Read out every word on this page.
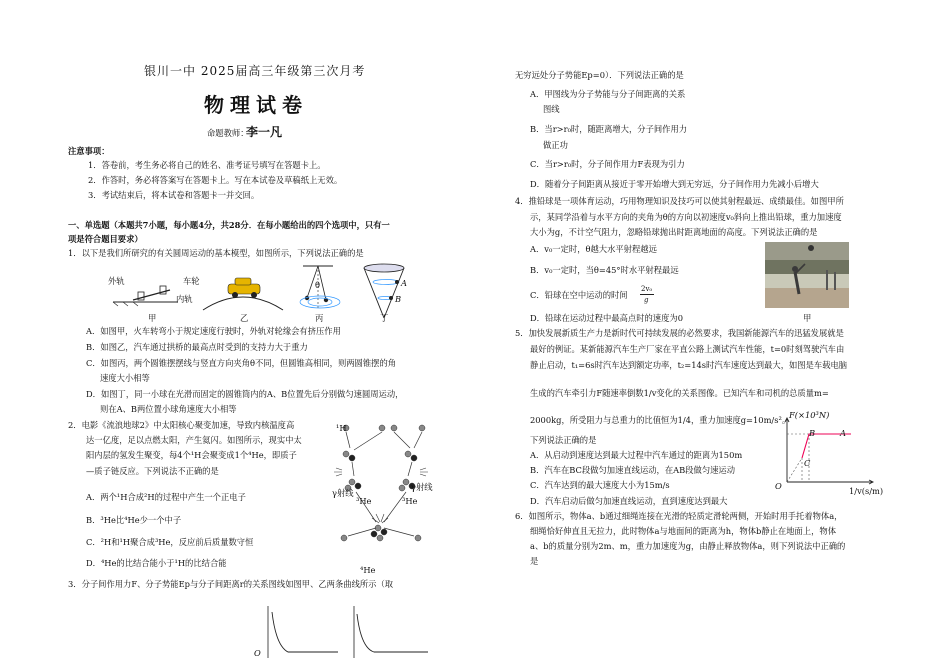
银川一中 2025届高三年级第三次月考
物理试卷
命题教师：
李一凡
注意事项：
1．答卷前，考生务必将自己的姓名、准考证号填写在答题卡上。
2．作答时，务必将答案写在答题卡上。写在本试卷及草稿纸上无效。
3．考试结束后，将本试卷和答题卡一并交回。
一、单选题（本题共7小题，每小题4分，共28分．在每小题给出的四个选项中，只有一
项是符合题目要求）
1．以下是我们所研究的有关圆周运动的基本模型，如图所示，下列说法正确的是
外轨	车轮
内轨
θ	A
B
甲	乙	丙	丁
A．如图甲，火车转弯小于规定速度行驶时，外轨对轮缘会有挤压作用
B．如图乙，汽车通过拱桥的最高点时受到的支持力大于重力
C．如图丙，两个圆锥摆摆线与竖直方向夹角θ不同，但圆锥高相同，则两圆锥摆的角
速度大小相等
D．如图丁，同一小球在光滑而固定的圆锥筒内的A、B位置先后分别做匀速圆周运动，
则在A、B两位置小球角速度大小相等
2．电影《流浪地球2》中太阳核心聚变加速，导致内核温度高
达一亿度，足以点燃太阳，产生氦闪。如图所示，现实中太
阳内层的氢发生聚变，每4个¹H会聚变成1个⁴He，即质子
—质子链反应。下列说法不正确的是
¹H
γ射线
γ射线
³He	³He
⁴He
A．两个¹H合成²H的过程中产生一个正电子
B．³He比⁴He少一个中子
C．²H和¹H聚合成³He，反应前后质量数守恒
D．⁴He的比结合能小于¹H的比结合能
3．分子间作用力F、分子势能Ep与分子间距离r的关系图线如图甲、乙两条曲线所示（取
O
无穷远处分子势能Ep=0）．下列说法正确的是
A．甲图线为分子势能与分子间距离的关系
图线
B．当r>r₀时，随距离增大，分子间作用力
做正功
C．当r>r₀时，分子间作用力F表现为引力
D．随着分子间距离从接近于零开始增大到无穷远，分子间作用力先减小后增大
4．推铅球是一项体育运动，巧用物理知识及技巧可以使其射程最远、成绩最佳。如图甲所
示，某同学沿着与水平方向的夹角为θ的方向以初速度v₀斜向上推出铅球，重力加速度
大小为g，不计空气阻力，忽略铅球抛出时距离地面的高度。下列说法正确的是
A．v₀一定时，θ越大水平射程越远
B．v₀一定时，当θ=45°时水平射程最远
C．铅球在空中运动的时间
2v₀
g
D．铅球在运动过程中最高点时的速度为0	甲
5．加快发展新质生产力是新时代可持续发展的必然要求，我国新能源汽车的迅猛发展就是
最好的例证。某新能源汽车生产厂家在平直公路上测试汽车性能，t=0时刻驾驶汽车由
静止启动，t₁=6s时汽车达到额定功率，t₂=14s时汽车速度达到最大，如图是车载电脑
生成的汽车牵引力F随速率倒数1/v变化的关系图像。已知汽车和司机的总质量m=
2000kg，所受阻力与总重力的比值恒为1/4，重力加速度g=10m/s²。
下列说法正确的是
A．从启动到速度达到最大过程中汽车通过的距离为150m
B．汽车在BC段做匀加速直线运动，在AB段做匀速运动
C．汽车达到的最大速度大小为15m/s
D．汽车启动后做匀加速直线运动，直到速度达到最大
F(×10³N)
B	A
C
O	1/v(s/m)
6．如图所示，物体a、b通过细绳连接在光滑的轻质定滑轮两侧，开始时用手托着物体a，
细绳恰好伸直且无拉力，此时物体a与地面间的距离为h，物体b静止在地面上，物体
a、b的质量分别为2m、m，重力加速度为g，由静止释放物体a，则下列说法中正确的
是
